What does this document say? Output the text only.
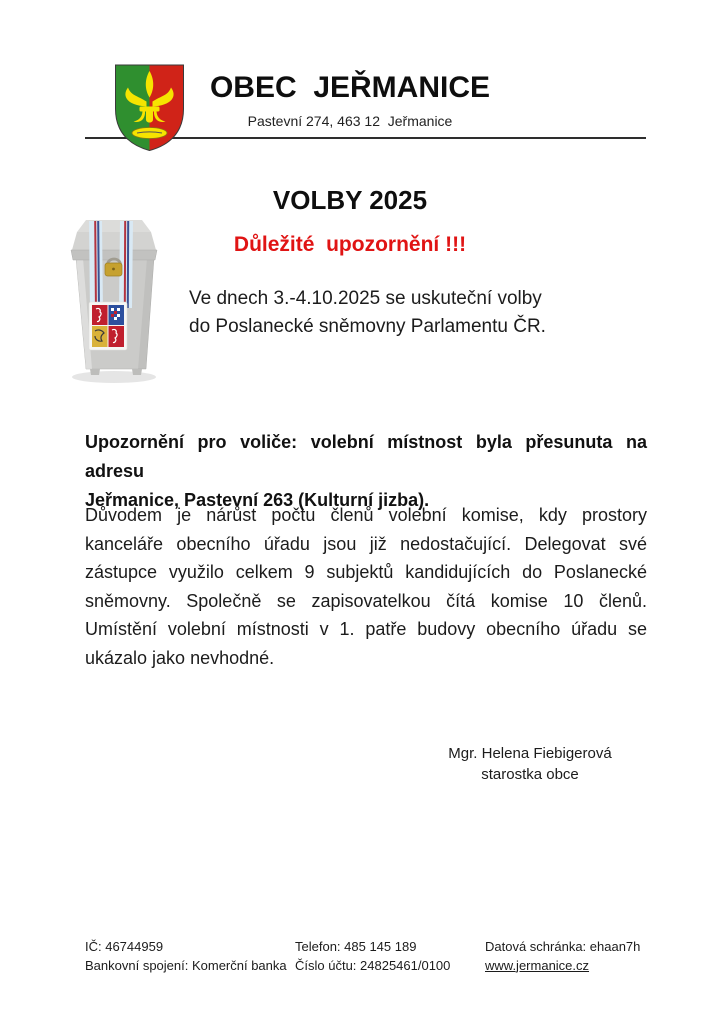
OBEC  JEŘMANICE
Pastevní 274, 463 12  Jeřmanice
VOLBY 2025
Důležité  upozornění !!!
Ve dnech 3.-4.10.2025 se uskuteční volby
do Poslanecké sněmovny Parlamentu ČR.
Upozornění pro voliče: volební místnost byla přesunuta na adresu
Jeřmanice, Pastevní 263 (Kulturní jizba).
Důvodem je nárůst počtu členů volební komise, kdy prostory
kanceláře obecního úřadu jsou již nedostačující. Delegovat své
zástupce využilo celkem 9 subjektů kandidujících do Poslanecké
sněmovny. Společně se zapisovatelkou čítá komise 10 členů.
Umístění volební místnosti v 1. patře budovy obecního úřadu se
ukázalo jako nevhodné.
Mgr. Helena Fiebigerová
starostka obce
IČ: 46744959
Bankovní spojení: Komerční banka
Telefon: 485 145 189
Číslo účtu: 24825461/0100
Datová schránka: ehaan7h
www.jermanice.cz
